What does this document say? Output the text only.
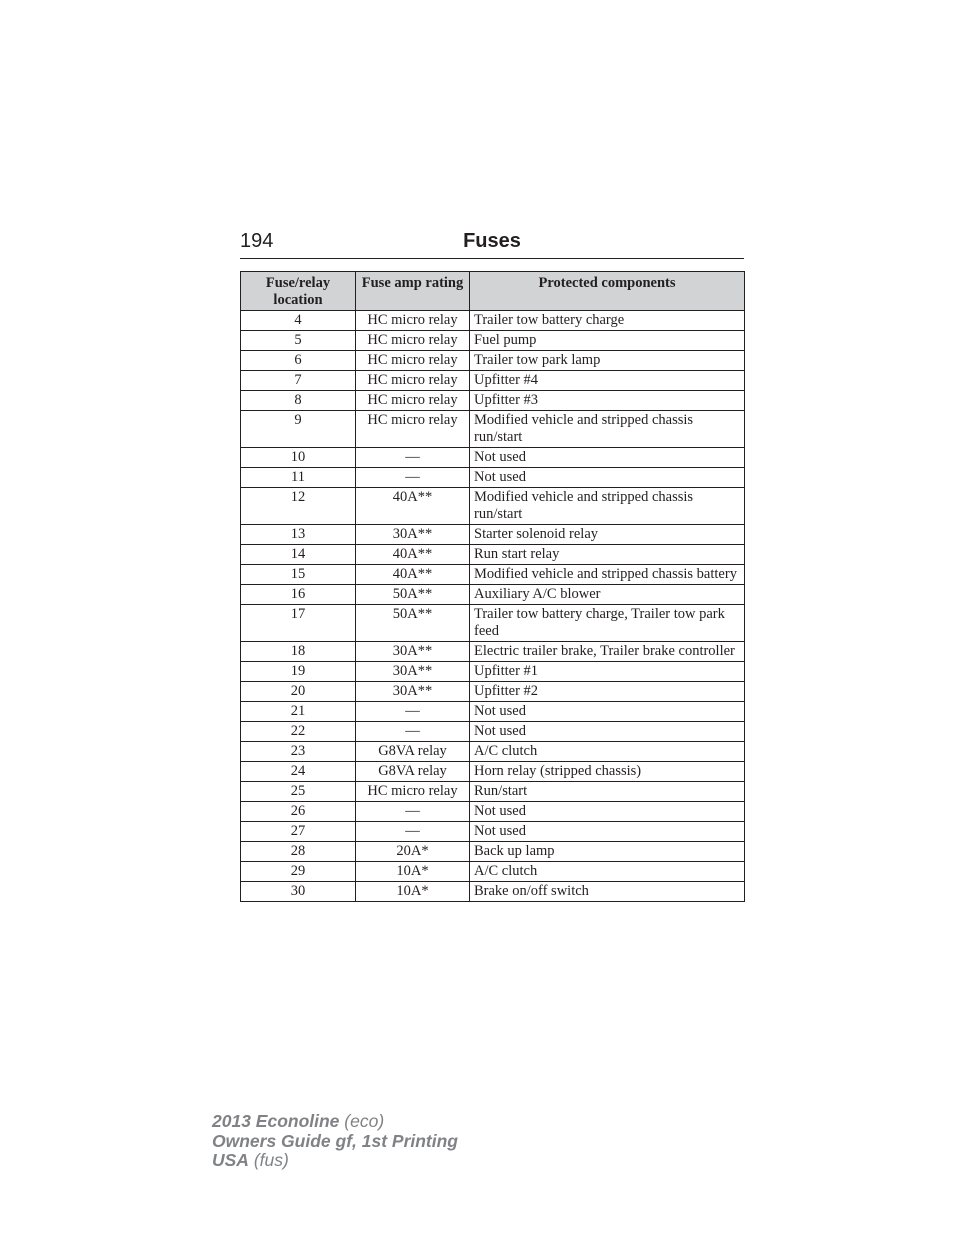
194	Fuses
Fuse/relay location	Fuse amp rating	Protected components
4	HC micro relay	Trailer tow battery charge
5	HC micro relay	Fuel pump
6	HC micro relay	Trailer tow park lamp
7	HC micro relay	Upfitter #4
8	HC micro relay	Upfitter #3
9	HC micro relay	Modified vehicle and stripped chassis run/start
10	—	Not used
11	—	Not used
12	40A**	Modified vehicle and stripped chassis run/start
13	30A**	Starter solenoid relay
14	40A**	Run start relay
15	40A**	Modified vehicle and stripped chassis battery
16	50A**	Auxiliary A/C blower
17	50A**	Trailer tow battery charge, Trailer tow park feed
18	30A**	Electric trailer brake, Trailer brake controller
19	30A**	Upfitter #1
20	30A**	Upfitter #2
21	—	Not used
22	—	Not used
23	G8VA relay	A/C clutch
24	G8VA relay	Horn relay (stripped chassis)
25	HC micro relay	Run/start
26	—	Not used
27	—	Not used
28	20A*	Back up lamp
29	10A*	A/C clutch
30	10A*	Brake on/off switch
2013 Econoline (eco)
Owners Guide gf, 1st Printing
USA (fus)
